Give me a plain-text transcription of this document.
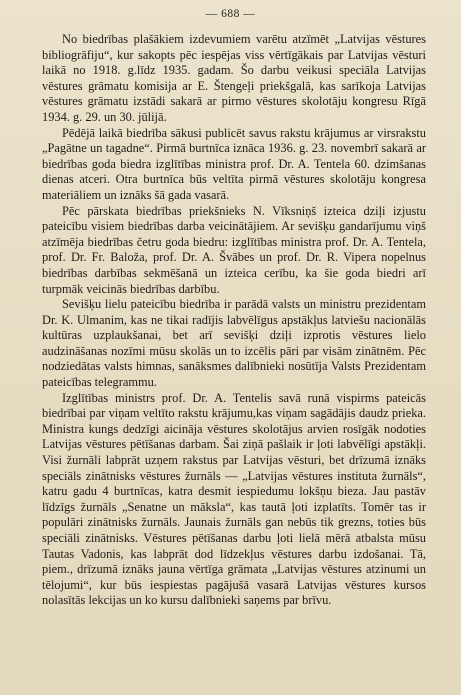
— 688 —

No biedrības plašākiem izdevumiem varētu atzīmēt „Latvijas vēstures bibliogrāfiju“, kur sakopts pēc iespējas viss vērtīgākais par Latvijas vēsturi laikā no 1918. g.līdz 1935. gadam. Šo darbu veikusi speciāla Latvijas vēstures grāmatu komisija ar E. Štengeļi priekšgalā, kas sarīkoja Latvijas vēstures grāmatu izstādi sakarā ar pirmo vēstures skolotāju kongresu Rīgā 1934. g. 29. un 30. jūlijā.

Pēdējā laikā biedrība sākusi publicēt savus rakstu krājumus ar virsrakstu „Pagātne un tagadne“. Pirmā burtnīca iznāca 1936. g. 23. novembrī sakarā ar biedrības goda biedra izglītības ministra prof. Dr. A. Tentela 60. dzimšanas dienas atceri. Otra burtnīca būs veltīta pirmā vēstures skolotāju kongresa materiāliem un iznāks šā gada vasarā.

Pēc pārskata biedrības priekšnieks N. Vīksniņš izteica dziļi izjustu pateicību visiem biedrības darba veicinātājiem. Ar sevišķu gandarījumu viņš atzīmēja biedrības četru goda biedru: izglītības ministra prof. Dr. A. Tentela, prof. Dr. Fr. Baloža, prof. Dr. A. Švābes un prof. Dr. R. Vipera nopelnus biedrības darbības sekmēšanā un izteica cerību, ka šie goda biedri arī turpmāk veicinās biedrības darbību.

Sevišķu lielu pateicību biedrība ir parādā valsts un ministru prezidentam Dr. K. Ulmanim, kas ne tikai radījis labvēlīgus apstākļus latviešu nacionālās kultūras uzplaukšanai, bet arī sevišķi dziļi izprotis vēstures lielo audzināšanas nozīmi mūsu skolās un to izcēlis pāri par visām zinātnēm. Pēc nodziedātas valsts himnas, sanāksmes dalībnieki nosūtīja Valsts Prezidentam pateicības telegrammu.

Izglītības ministrs prof. Dr. A. Tentelis savā runā vispirms pateicās biedrībai par viņam veltīto rakstu krājumu,kas viņam sagādājis daudz prieka. Ministra kungs dedzīgi aicināja vēstures skolotājus arvien rosīgāk nodoties Latvijas vēstures pētīšanas darbam. Šai ziņā pašlaik ir ļoti labvēlīgi apstākļi. Visi žurnāli labprāt uzņem rakstus par Latvijas vēsturi, bet drīzumā iznāks speciāls zinātnisks vēstures žurnāls — „Latvijas vēstures instituta žurnāls“, katru gadu 4 burtnīcas, katra desmit iespiedumu lokšņu bieza. Jau pastāv līdzīgs žurnāls „Senatne un māksla“, kas tautā ļoti izplatīts. Tomēr tas ir populāri zinātnisks žurnāls. Jaunais žurnāls gan nebūs tik grezns, toties būs speciāli zinātnisks. Vēstures pētīšanas darbu ļoti lielā mērā atbalsta mūsu Tautas Vadonis, kas labprāt dod līdzekļus vēstures darbu izdošanai. Tā, piem., drīzumā iznāks jauna vērtīga grāmata „Latvijas vēstures atzinumi un tēlojumi“, kur būs iespiestas pagājušā vasarā Latvijas vēstures kursos nolasītās lekcijas un ko kursu dalībnieki saņems par brīvu.
